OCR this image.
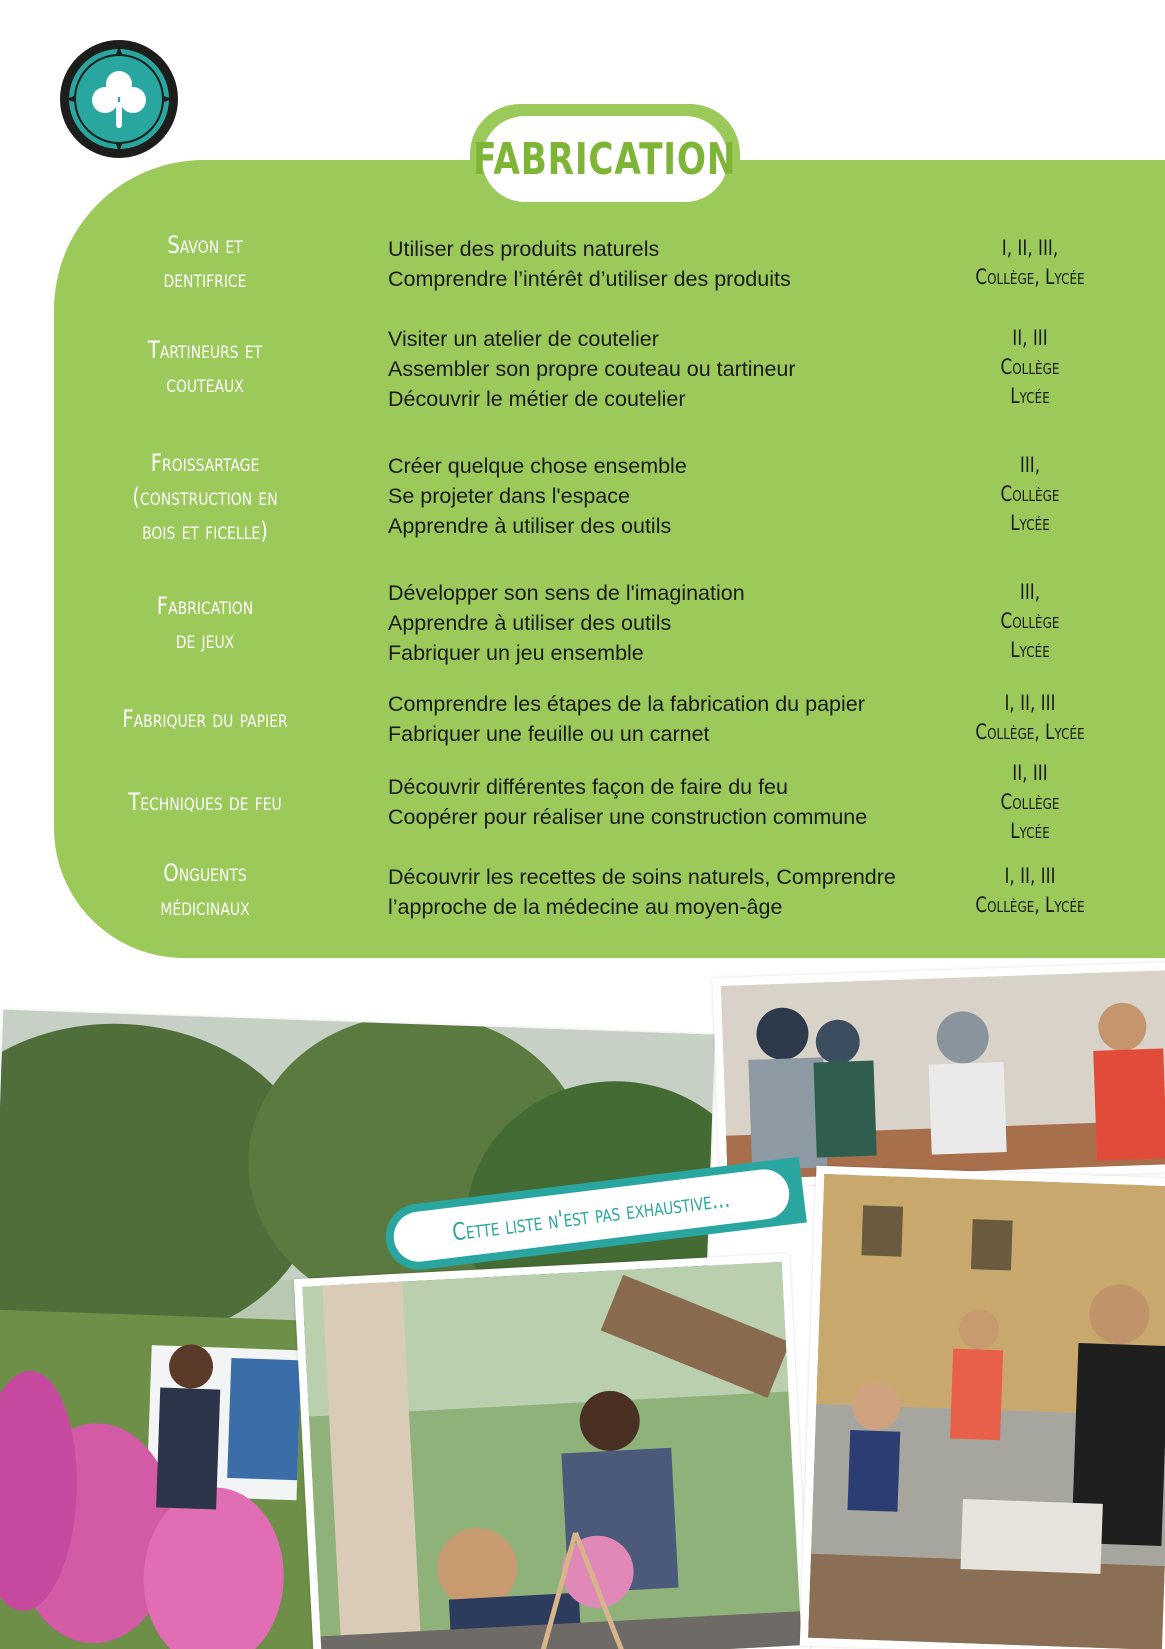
FABRICATION
Savon et
dentifrice
Utiliser des produits naturels
Comprendre l’intérêt d’utiliser des produits
I, II, III,
Collège, Lycée
Tartineurs et
couteaux
Visiter un atelier de coutelier
Assembler son propre couteau ou tartineur
Découvrir le métier de coutelier
II, III
Collège
Lycée
Froissartage
(construction en
bois et ficelle)
Créer quelque chose ensemble
Se projeter dans l'espace
Apprendre à utiliser des outils
III,
Collège
Lycée
Fabrication
de jeux
Développer son sens de l'imagination
Apprendre à utiliser des outils
Fabriquer un jeu ensemble
III,
Collège
Lycée
Fabriquer du papier
Comprendre les étapes de la fabrication du papier
Fabriquer une feuille ou un carnet
I, II, III
Collège, Lycée
Techniques de feu
Découvrir différentes façon de faire du feu
Coopérer pour réaliser une construction commune
II, III
Collège
Lycée
Onguents
médicinaux
Découvrir les recettes de soins naturels, Comprendre
l’approche de la médecine au moyen-âge
I, II, III
Collège, Lycée
Cette liste n'est pas exhaustive...
